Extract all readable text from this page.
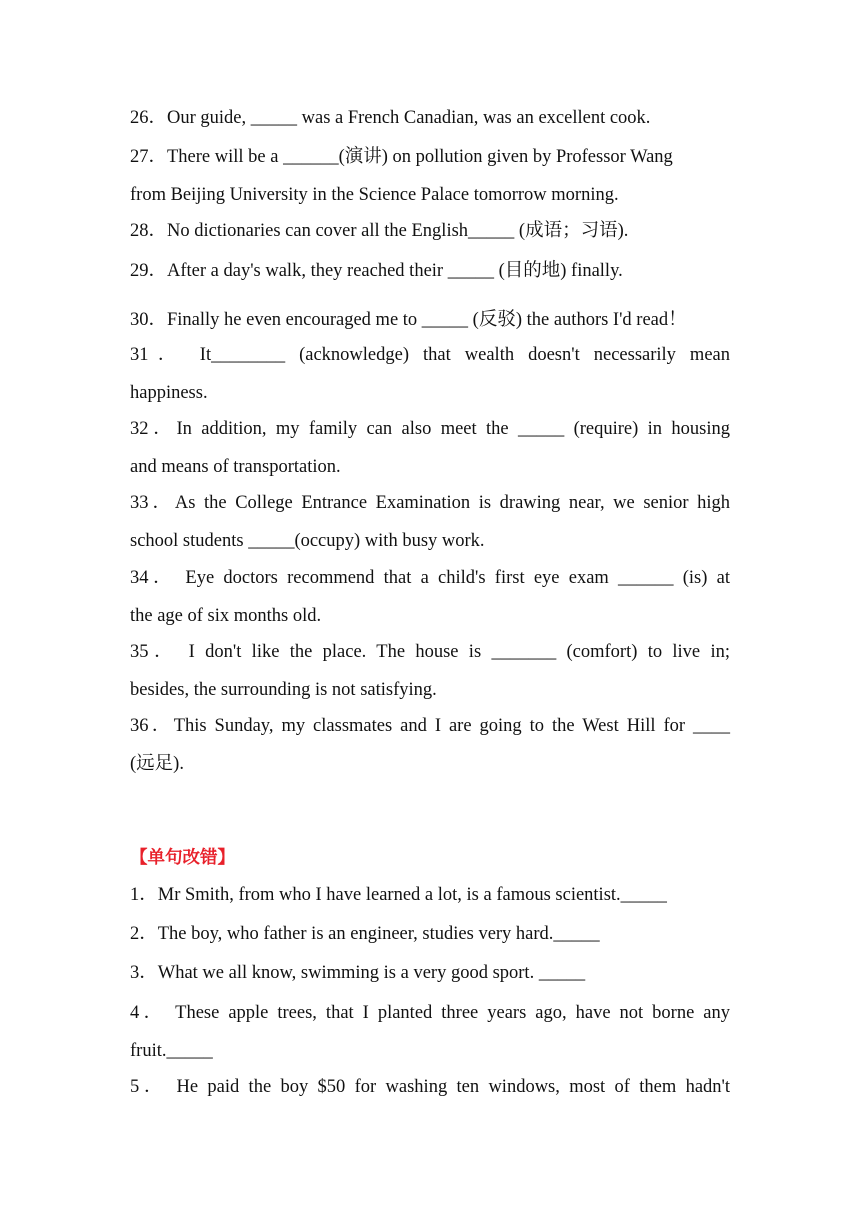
26．Our guide, _____ was a French Canadian, was an excellent cook.
27．There will be a ______(演讲) on pollution given by Professor Wang
from Beijing University in the Science Palace tomorrow morning.
28．No dictionaries can cover all the English_____ (成语；习语).
29．After a day's walk, they reached their _____ (目的地) finally.
30．Finally he even encouraged me to _____ (反驳) the authors I'd read！
31． It________ (acknowledge) that wealth doesn't necessarily mean
happiness.
32．In addition, my family can also meet the _____ (require) in housing
and means of transportation.
33．As the College Entrance Examination is drawing near, we senior high
school students _____(occupy) with busy work.
34． Eye doctors recommend that a child's first eye exam ______ (is) at
the age of six months old.
35． I don't like the place. The house is _______ (comfort) to live in;
besides, the surrounding is not satisfying.
36．This Sunday, my classmates and I are going to the West Hill for ____
(远足).
【单句改错】
1．Mr Smith, from who I have learned a lot, is a famous scientist._____
2．The boy, who father is an engineer, studies very hard._____
3．What we all know, swimming is a very good sport. _____
4． These apple trees, that I planted three years ago, have not borne any
fruit._____
5． He paid the boy $50 for washing ten windows, most of them hadn't
